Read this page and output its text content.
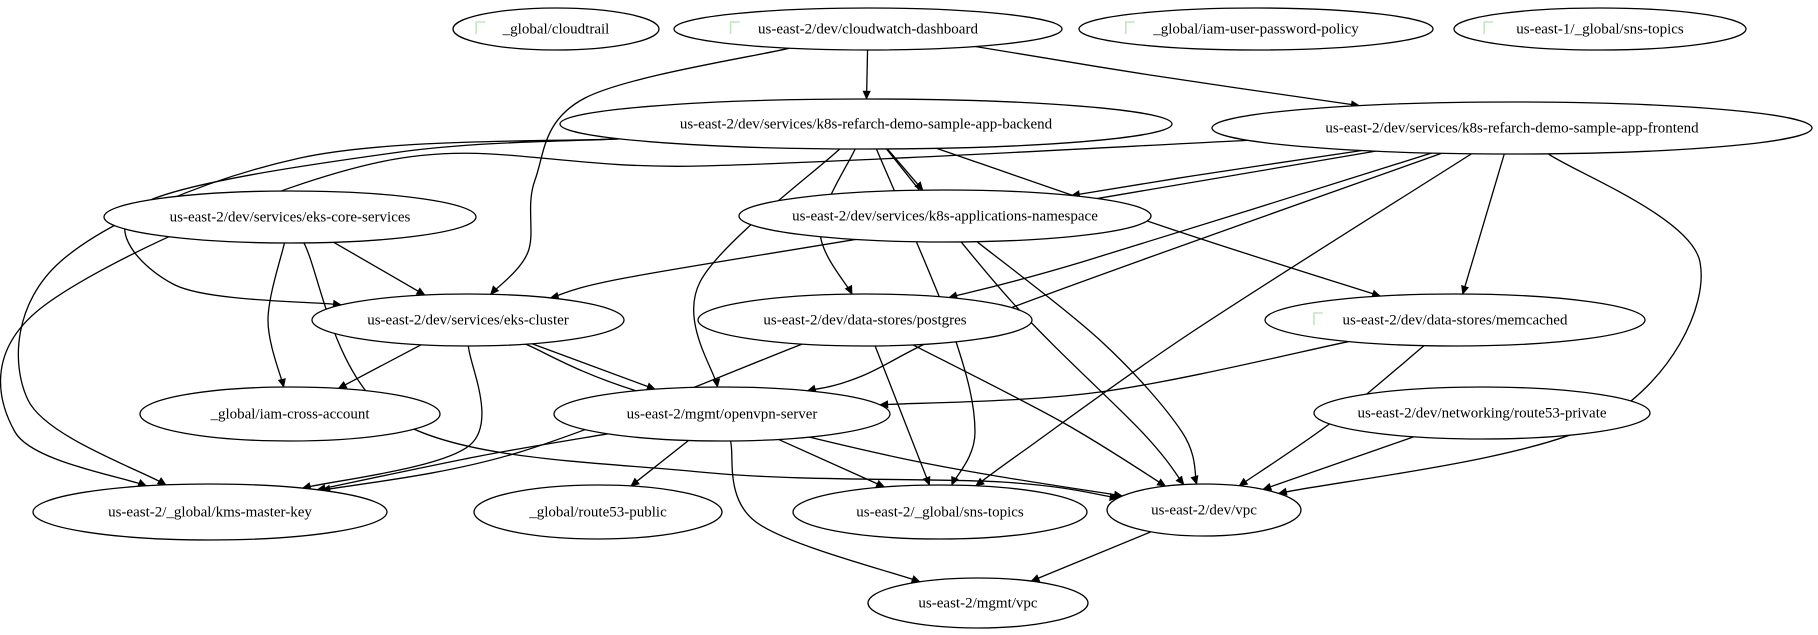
_global/cloudtrail	us-east-2/dev/cloudwatch-dashboard	_global/iam-user-password-policy	us-east-1/_global/sns-topics
us-east-2/dev/services/k8s-refarch-demo-sample-app-backend	us-east-2/dev/services/k8s-refarch-demo-sample-app-frontend
us-east-2/dev/services/eks-core-services	us-east-2/dev/services/k8s-applications-namespace
us-east-2/dev/services/eks-cluster	us-east-2/dev/data-stores/postgres	us-east-2/dev/data-stores/memcached
_global/iam-cross-account	us-east-2/mgmt/openvpn-server	us-east-2/dev/networking/route53-private
us-east-2/_global/kms-master-key	_global/route53-public	us-east-2/_global/sns-topics	us-east-2/dev/vpc
us-east-2/mgmt/vpc
